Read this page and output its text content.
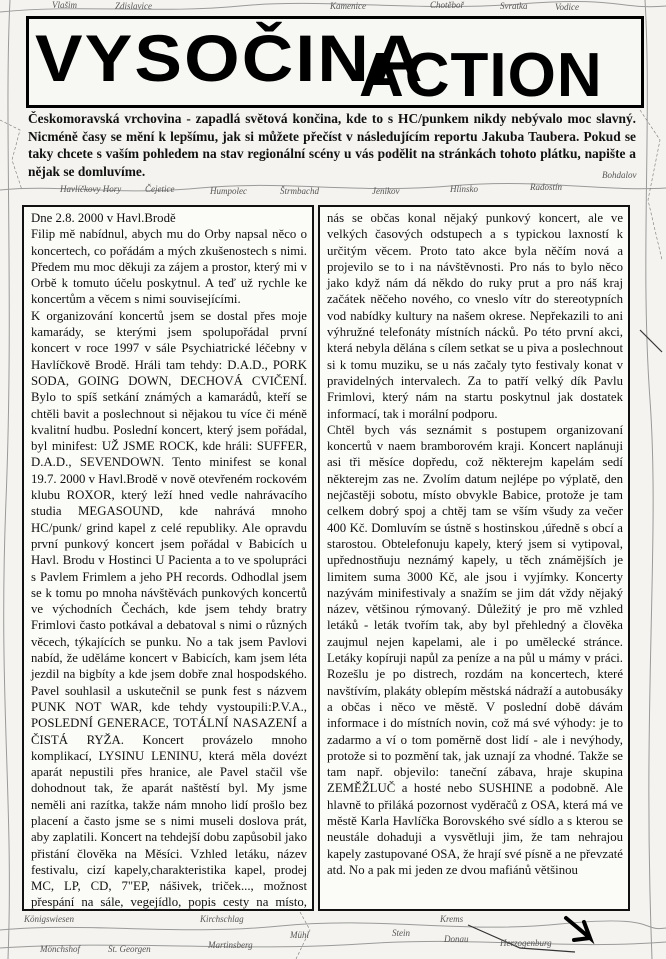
Vlašim	Zdislavice	Kamenice	Chotěboř	Svratka	Vodice
Havlíčkovy Hory	Čejetice	Humpolec	Štrmbachd	Jenikov	Hlinsko	Radostín
Bohdalov
Königswiesen
Mönchshof	St. Georgen
Kirchschlag
Martinsberg
Mühl
Krems
Stein
Herzogenburg
Donau
VYSOČINA
ACTION
Českomoravská vrchovina - zapadlá světová končina, kde to s HC/punkem nikdy nebývalo moc slavný. Nicméně časy se mění k lepšímu, jak si můžete přečíst v následujícím reportu Jakuba Taubera. Pokud se taky chcete s vaším pohledem na stav regionální scény u vás podělit na stránkách tohoto plátku, napište a nějak se domluvíme.

Dne 2.8. 2000 v Havl.Brodě

Filip mě nabídnul, abych mu do Orby napsal něco o koncertech, co pořádám a mých zkušenostech s nimi. Předem mu moc děkuji za zájem a prostor, který mi v Orbě k tomuto účelu poskytnul. A teď už rychle ke koncertům a věcem s nimi souvisejícími.

K organizování koncertů jsem se dostal přes moje kamarády, se kterými jsem spolupořádal první koncert v roce 1997 v sále Psychiatrické léčebny v Havlíčkově Brodě. Hráli tam tehdy: D.A.D., PORK SODA, GOING DOWN, DECHOVÁ CVIČENÍ. Bylo to spíš setkání známých a kamarádů, kteří se chtěli bavit a poslechnout si nějakou tu více či méně kvalitní hudbu. Poslední koncert, který jsem pořádal, byl minifest: UŽ JSME ROCK, kde hráli: SUFFER, D.A.D., SEVENDOWN. Tento minifest se konal 19.7. 2000 v Havl.Brodě v nově otevřeném rockovém klubu ROXOR, který leží hned vedle nahrávacího studia MEGASOUND, kde nahrává mnoho HC/punk/ grind kapel z celé republiky. Ale opravdu první punkový koncert jsem pořádal v Babicích u Havl. Brodu v Hostinci U Pacienta a to ve spolupráci s Pavlem Frimlem a jeho PH records. Odhodlal jsem se k tomu po mnoha návštěvách punkových koncertů ve východních Čechách, kde jsem tehdy bratry Frimlovi často potkával a debatoval s nimi o různých věcech, týkajících se punku. No a tak jsem Pavlovi nabíd, že uděláme koncert v Babicích, kam jsem léta jezdil na bigbíty a kde jsem dobře znal hospodského. Pavel souhlasil a uskutečnil se punk fest s názvem PUNK NOT WAR, kde tehdy vystoupili:P.V.A., POSLEDNÍ GENERACE, TOTÁLNÍ NASAZENÍ a ČISTÁ RYŽA. Koncert provázelo mnoho komplikací, LYSINU LENINU, která měla dovézt aparát nepustili přes hranice, ale Pavel stačil vše dohodnout tak, že aparát naštěstí byl. My jsme neměli ani razítka, takže nám mnoho lidí prošlo bez placení a často jsme se s nimi museli doslova prát, aby zaplatili. Koncert na tehdejší dobu zapůsobil jako přistání člověka na Měsíci. Vzhled letáku, název festivalu, cizí kapely,charakteristika kapel, prodej MC, LP, CD, 7"EP, nášivek, triček..., možnost přespání na sále, vegejídlo, popis cesty na místo,

nás se občas konal nějaký punkový koncert, ale ve velkých časových odstupech a s typickou laxností k určitým věcem. Proto tato akce byla něčím nová a projevilo se to i na návštěvnosti. Pro nás to bylo něco jako když nám dá někdo do ruky prut a pro náš kraj začátek něčeho nového, co vneslo vítr do stereotypních vod nabídky kultury na našem okrese. Nepřekazili to ani výhružné telefonáty místních nácků. Po této první akci, která nebyla dělána s cílem setkat se u piva a poslechnout si k tomu muziku, se u nás začaly tyto festivaly konat v pravidelných intervalech. Za to patří velký dík Pavlu Frimlovi, který nám na startu poskytnul jak dostatek informací, tak i morální podporu.

Chtěl bych vás seznámit s postupem organizovaní koncertů v naem bramborovém kraji. Koncert naplánuji asi tři měsíce dopředu, což některejm kapelám sedí některejm zas ne. Zvolím datum nejlépe po výplatě, den nejčastěji sobotu, místo obvykle Babice, protože je tam celkem dobrý spoj a chtěj tam se vším všudy za večer 400 Kč. Domluvím se ústně s hostinskou ,úředně s obcí a starostou. Obtelefonuju kapely, který jsem si vytipoval, upřednostňuju neznámý kapely, u těch známějších je limitem suma 3000 Kč, ale jsou i vyjímky. Koncerty nazývám minifestivaly a snažím se jim dát vždy nějaký název, většinou rýmovaný. Důležitý je pro mě vzhled letáků - leták tvořím tak, aby byl přehledný a člověka zaujmul nejen kapelami, ale i po umělecké stránce. Letáky kopíruji napůl za peníze a na půl u mámy v práci. Rozešlu je po distrech, rozdám na koncertech, které navštívím, plakáty oblepím městská nádraží a autobusáky a občas i něco ve městě. V poslední době dávám informace i do místních novin, což má své výhody: je to zadarmo a ví o tom poměrně dost lidí - ale i nevýhody, protože si to pozmění tak, jak uznají za vhodné. Takže se tam např. objevilo: taneční zábava, hraje skupina ZEMĚŽLUČ a hosté nebo SUSHINE a podobně. Ale hlavně to přiláká pozornost vyděračů z OSA, která má ve městě Karla Havlíčka Borovského své sídlo a s kterou se neustále dohaduji a vysvětluji jim, že tam nehrajou kapely zastupované OSA, že hrají své písně a ne převzaté atd. No a pak mi jeden ze dvou mafiánů většinou
